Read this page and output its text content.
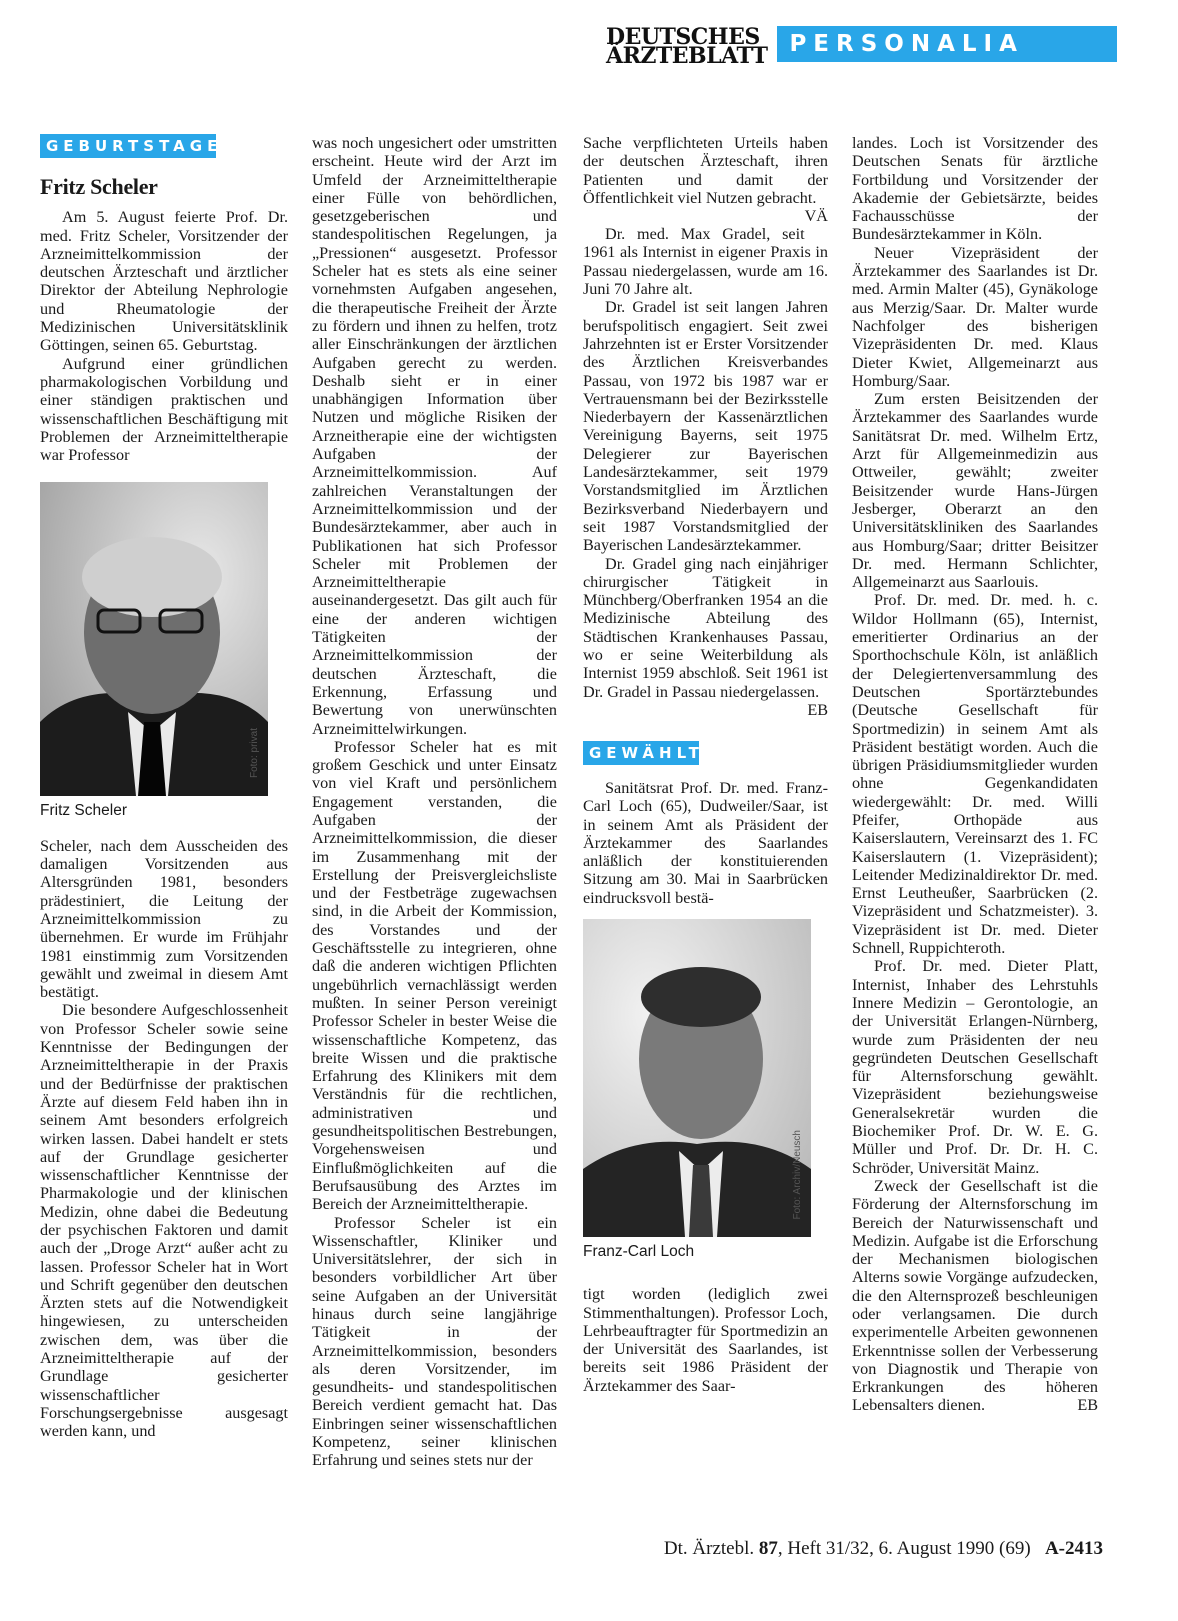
DEUTSCHES
ÄRZTEBLATT PERSONALIA
GEBURTSTAGE
Fritz Scheler

Am 5. August feierte Prof. Dr. med. Fritz Scheler, Vorsitzender der Arzneimittelkommission der deutschen Ärzteschaft und ärztlicher Direktor der Abteilung Nephrologie und Rheumatologie der Medizinischen Universitätsklinik Göttingen, seinen 65. Geburtstag.

Aufgrund einer gründlichen pharmakologischen Vorbildung und einer ständigen praktischen und wissenschaftlichen Beschäftigung mit Problemen der Arzneimitteltherapie war Professor

Foto: privat
Fritz Scheler

Scheler, nach dem Ausscheiden des damaligen Vorsitzenden aus Altersgründen 1981, besonders prädestiniert, die Leitung der Arzneimittelkommission zu übernehmen. Er wurde im Frühjahr 1981 einstimmig zum Vorsitzenden gewählt und zweimal in diesem Amt bestätigt.

Die besondere Aufgeschlossenheit von Professor Scheler sowie seine Kenntnisse der Bedingungen der Arzneimitteltherapie in der Praxis und der Bedürfnisse der praktischen Ärzte auf diesem Feld haben ihn in seinem Amt besonders erfolgreich wirken lassen. Dabei handelt er stets auf der Grundlage gesicherter wissenschaftlicher Kenntnisse der Pharmakologie und der klinischen Medizin, ohne dabei die Bedeutung der psychischen Faktoren und damit auch der „Droge Arzt“ außer acht zu lassen. Professor Scheler hat in Wort und Schrift gegenüber den deutschen Ärzten stets auf die Notwendigkeit hingewiesen, zu unterscheiden zwischen dem, was über die Arzneimitteltherapie auf der Grundlage gesicherter wissenschaftlicher Forschungsergebnisse ausgesagt werden kann, und

was noch ungesichert oder umstritten erscheint. Heute wird der Arzt im Umfeld der Arzneimitteltherapie einer Fülle von behördlichen, gesetzgeberischen und standespolitischen Regelungen, ja „Pressionen“ ausgesetzt. Professor Scheler hat es stets als eine seiner vornehmsten Aufgaben angesehen, die therapeutische Freiheit der Ärzte zu fördern und ihnen zu helfen, trotz aller Einschränkungen der ärztlichen Aufgaben gerecht zu werden. Deshalb sieht er in einer unabhängigen Information über Nutzen und mögliche Risiken der Arzneitherapie eine der wichtigsten Aufgaben der Arzneimittelkommission. Auf zahlreichen Veranstaltungen der Arzneimittelkommission und der Bundesärztekammer, aber auch in Publikationen hat sich Professor Scheler mit Problemen der Arzneimitteltherapie auseinandergesetzt. Das gilt auch für eine der anderen wichtigen Tätigkeiten der Arzneimittelkommission der deutschen Ärzteschaft, die Erkennung, Erfassung und Bewertung von unerwünschten Arzneimittelwirkungen.

Professor Scheler hat es mit großem Geschick und unter Einsatz von viel Kraft und persönlichem Engagement verstanden, die Aufgaben der Arzneimittelkommission, die dieser im Zusammenhang mit der Erstellung der Preisvergleichsliste und der Festbeträge zugewachsen sind, in die Arbeit der Kommission, des Vorstandes und der Geschäftsstelle zu integrieren, ohne daß die anderen wichtigen Pflichten ungebührlich vernachlässigt werden mußten. In seiner Person vereinigt Professor Scheler in bester Weise die wissenschaftliche Kompetenz, das breite Wissen und die praktische Erfahrung des Klinikers mit dem Verständnis für die rechtlichen, administrativen und gesundheitspolitischen Bestrebungen, Vorgehensweisen und Einflußmöglichkeiten auf die Berufsausübung des Arztes im Bereich der Arzneimitteltherapie.

Professor Scheler ist ein Wissenschaftler, Kliniker und Universitätslehrer, der sich in besonders vorbildlicher Art über seine Aufgaben an der Universität hinaus durch seine langjährige Tätigkeit in der Arzneimittelkommission, besonders als deren Vorsitzender, im gesundheits- und standespolitischen Bereich verdient gemacht hat. Das Einbringen seiner wissenschaftlichen Kompetenz, seiner klinischen Erfahrung und seines stets nur der

Sache verpflichteten Urteils haben der deutschen Ärzteschaft, ihren Patienten und damit der Öffentlichkeit viel Nutzen gebracht.
VÄ

Dr. med. Max Gradel, seit 1961 als Internist in eigener Praxis in Passau niedergelassen, wurde am 16. Juni 70 Jahre alt.

Dr. Gradel ist seit langen Jahren berufspolitisch engagiert. Seit zwei Jahrzehnten ist er Erster Vorsitzender des Ärztlichen Kreisverbandes Passau, von 1972 bis 1987 war er Vertrauensmann bei der Bezirksstelle Niederbayern der Kassenärztlichen Vereinigung Bayerns, seit 1975 Delegierer zur Bayerischen Landesärztekammer, seit 1979 Vorstandsmitglied im Ärztlichen Bezirksverband Niederbayern und seit 1987 Vorstandsmitglied der Bayerischen Landesärztekammer.

Dr. Gradel ging nach einjähriger chirurgischer Tätigkeit in Münchberg/Oberfranken 1954 an die Medizinische Abteilung des Städtischen Krankenhauses Passau, wo er seine Weiterbildung als Internist 1959 abschloß. Seit 1961 ist Dr. Gradel in Passau niedergelassen.
EB

GEWÄHLT

Sanitätsrat Prof. Dr. med. Franz-Carl Loch (65), Dudweiler/Saar, ist in seinem Amt als Präsident der Ärztekammer des Saarlandes anläßlich der konstituierenden Sitzung am 30. Mai in Saarbrücken eindrucksvoll bestä-

Foto: Archiv/Neusch
Franz-Carl Loch

tigt worden (lediglich zwei Stimmenthaltungen). Professor Loch, Lehrbeauftragter für Sportmedizin an der Universität des Saarlandes, ist bereits seit 1986 Präsident der Ärztekammer des Saar-

landes. Loch ist Vorsitzender des Deutschen Senats für ärztliche Fortbildung und Vorsitzender der Akademie der Gebietsärzte, beides Fachausschüsse der Bundesärztekammer in Köln.

Neuer Vizepräsident der Ärztekammer des Saarlandes ist Dr. med. Armin Malter (45), Gynäkologe aus Merzig/Saar. Dr. Malter wurde Nachfolger des bisherigen Vizepräsidenten Dr. med. Klaus Dieter Kwiet, Allgemeinarzt aus Homburg/Saar.

Zum ersten Beisitzenden der Ärztekammer des Saarlandes wurde Sanitätsrat Dr. med. Wilhelm Ertz, Arzt für Allgemeinmedizin aus Ottweiler, gewählt; zweiter Beisitzender wurde Hans-Jürgen Jesberger, Oberarzt an den Universitätskliniken des Saarlandes aus Homburg/Saar; dritter Beisitzer Dr. med. Hermann Schlichter, Allgemeinarzt aus Saarlouis.

Prof. Dr. med. Dr. med. h. c. Wildor Hollmann (65), Internist, emeritierter Ordinarius an der Sporthochschule Köln, ist anläßlich der Delegiertenversammlung des Deutschen Sportärztebundes (Deutsche Gesellschaft für Sportmedizin) in seinem Amt als Präsident bestätigt worden. Auch die übrigen Präsidiumsmitglieder wurden ohne Gegenkandidaten wiedergewählt: Dr. med. Willi Pfeifer, Orthopäde aus Kaiserslautern, Vereinsarzt des 1. FC Kaiserslautern (1. Vizepräsident); Leitender Medizinaldirektor Dr. med. Ernst Leutheußer, Saarbrücken (2. Vizepräsident und Schatzmeister). 3. Vizepräsident ist Dr. med. Dieter Schnell, Ruppichteroth.

Prof. Dr. med. Dieter Platt, Internist, Inhaber des Lehrstuhls Innere Medizin – Gerontologie, an der Universität Erlangen-Nürnberg, wurde zum Präsidenten der neu gegründeten Deutschen Gesellschaft für Alternsforschung gewählt. Vizepräsident beziehungsweise Generalsekretär wurden die Biochemiker Prof. Dr. W. E. G. Müller und Prof. Dr. Dr. H. C. Schröder, Universität Mainz.

Zweck der Gesellschaft ist die Förderung der Alternsforschung im Bereich der Naturwissenschaft und Medizin. Aufgabe ist die Erforschung der Mechanismen biologischen Alterns sowie Vorgänge aufzudecken, die den Alternsprozeß beschleunigen oder verlangsamen. Die durch experimentelle Arbeiten gewonnenen Erkenntnisse sollen der Verbesserung von Diagnostik und Therapie von Erkrankungen des höheren Lebensalters dienen.	EB

Dt. Ärztebl. 87, Heft 31/32, 6. August 1990 (69) A-2413
